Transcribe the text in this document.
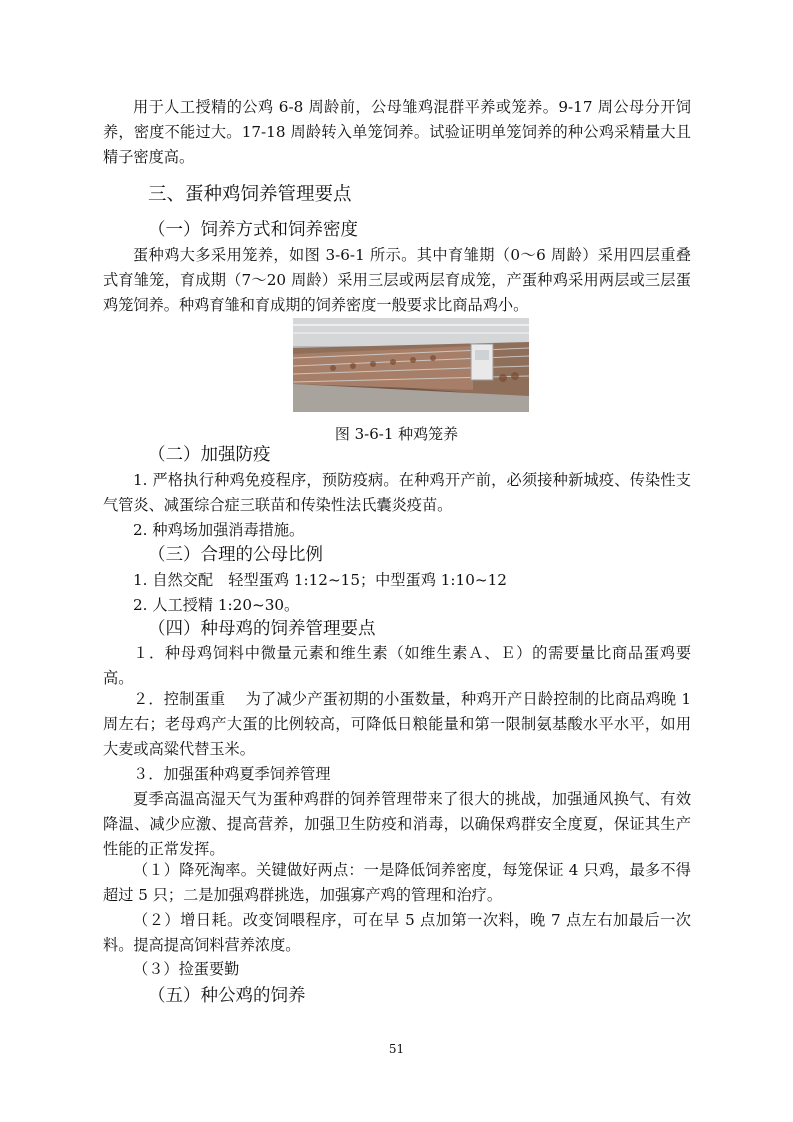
用于人工授精的公鸡 6-8 周龄前，公母雏鸡混群平养或笼养。9-17 周公母分开饲养，密度不能过大。17-18 周龄转入单笼饲养。试验证明单笼饲养的种公鸡采精量大且精子密度高。

三、蛋种鸡饲养管理要点

（一）饲养方式和饲养密度

蛋种鸡大多采用笼养，如图 3-6-1 所示。其中育雏期（0～6 周龄）采用四层重叠式育雏笼，育成期（7～20 周龄）采用三层或两层育成笼，产蛋种鸡采用两层或三层蛋鸡笼饲养。种鸡育雏和育成期的饲养密度一般要求比商品鸡小。

图 3-6-1 种鸡笼养

（二）加强防疫

1. 严格执行种鸡免疫程序，预防疫病。在种鸡开产前，必须接种新城疫、传染性支气管炎、减蛋综合症三联苗和传染性法氏囊炎疫苗。

2. 种鸡场加强消毒措施。

（三）合理的公母比例

1. 自然交配　轻型蛋鸡 1:12~15；中型蛋鸡 1:10~12

2. 人工授精 1:20~30。

（四）种母鸡的饲养管理要点

１．种母鸡饲料中微量元素和维生素（如维生素Ａ、Ｅ）的需要量比商品蛋鸡要高。

２．控制蛋重　 为了减少产蛋初期的小蛋数量，种鸡开产日龄控制的比商品鸡晚 1 周左右；老母鸡产大蛋的比例较高，可降低日粮能量和第一限制氨基酸水平水平，如用大麦或高粱代替玉米。

３．加强蛋种鸡夏季饲养管理

夏季高温高湿天气为蛋种鸡群的饲养管理带来了很大的挑战，加强通风换气、有效降温、减少应激、提高营养，加强卫生防疫和消毒，以确保鸡群安全度夏，保证其生产性能的正常发挥。

（１）降死淘率。关键做好两点：一是降低饲养密度，每笼保证 4 只鸡，最多不得超过 5 只；二是加强鸡群挑选，加强寡产鸡的管理和治疗。

（２）增日耗。改变饲喂程序，可在早 5 点加第一次料，晚 7 点左右加最后一次料。提高提高饲料营养浓度。

（３）捡蛋要勤

（五）种公鸡的饲养

51
